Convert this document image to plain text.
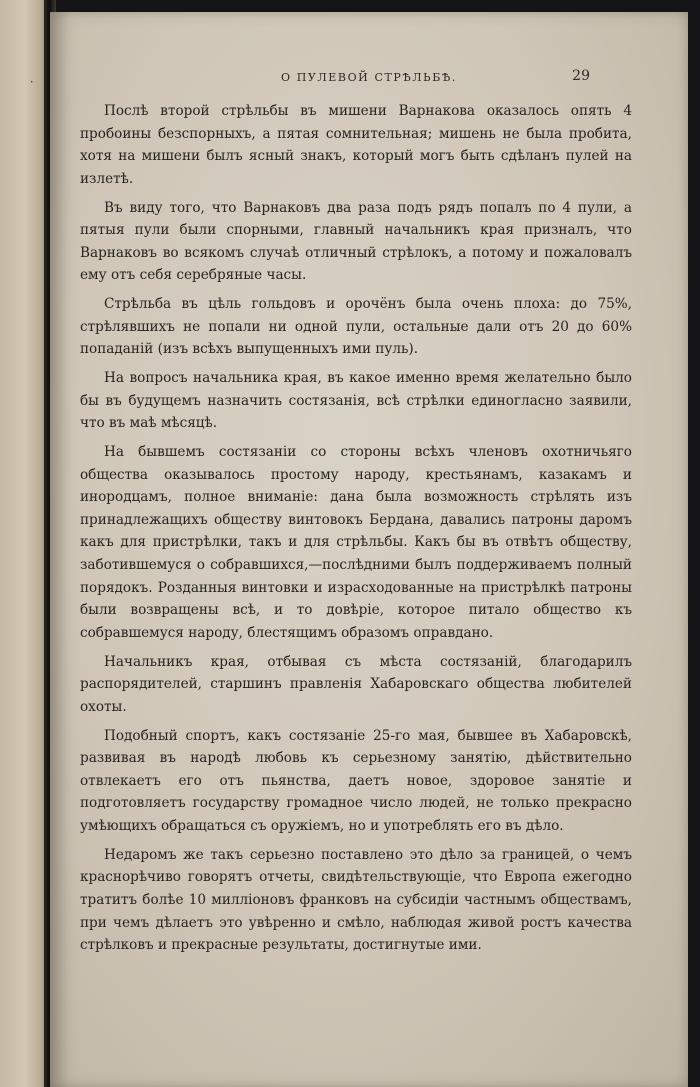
·	О ПУЛЕВОЙ СТРѢЛЬБѢ.	29

Послѣ второй стрѣльбы въ мишени Варнакова оказалось опять 4 пробоины безспорныхъ, а пятая сомнительная; мишень не была пробита, хотя на мишени былъ ясный знакъ, который могъ быть сдѣланъ пулей на излетѣ.

Въ виду того, что Варнаковъ два раза подъ рядъ попалъ по 4 пули, а пятыя пули были спорными, главный начальникъ края призналъ, что Варнаковъ во всякомъ случаѣ отличный стрѣлокъ, а потому и пожаловалъ ему отъ себя серебряные часы.

Стрѣльба въ цѣль гольдовъ и орочёнъ была очень плоха: до 75%, стрѣлявшихъ не попали ни одной пули, остальные дали отъ 20 до 60% попаданій (изъ всѣхъ выпущенныхъ ими пуль).

На вопросъ начальника края, въ какое именно время желательно было бы въ будущемъ назначить состязанія, всѣ стрѣлки единогласно заявили, что въ маѣ мѣсяцѣ.

На бывшемъ состязаніи со стороны всѣхъ членовъ охотничьяго общества оказывалось простому народу, крестьянамъ, казакамъ и инородцамъ, полное вниманіе: дана была возможность стрѣлять изъ принадлежащихъ обществу винтовокъ Бердана, давались патроны даромъ какъ для пристрѣлки, такъ и для стрѣльбы. Какъ бы въ отвѣтъ обществу, заботившемуся о собравшихся,—послѣдними былъ поддерживаемъ полный порядокъ. Розданныя винтовки и израсходованные на пристрѣлкѣ патроны были возвращены всѣ, и то довѣріе, которое питало общество къ собравшемуся народу, блестящимъ образомъ оправдано.

Начальникъ края, отбывая съ мѣста состязаній, благодарилъ распорядителей, старшинъ правленія Хабаровскаго общества любителей охоты.

Подобный спортъ, какъ состязаніе 25-го мая, бывшее въ Хабаровскѣ, развивая въ народѣ любовь къ серьезному занятію, дѣйствительно отвлекаетъ его отъ пьянства, даетъ новое, здоровое занятіе и подготовляетъ государству громадное число людей, не только прекрасно умѣющихъ обращаться съ оружіемъ, но и употреблять его въ дѣло.

Недаромъ же такъ серьезно поставлено это дѣло за границей, о чемъ краснорѣчиво говорятъ отчеты, свидѣтельствующіе, что Европа ежегодно тратитъ болѣе 10 милліоновъ франковъ на субсидіи частнымъ обществамъ, при чемъ дѣлаетъ это увѣренно и смѣло, наблюдая живой ростъ качества стрѣлковъ и прекрасные результаты, достигнутые ими.
